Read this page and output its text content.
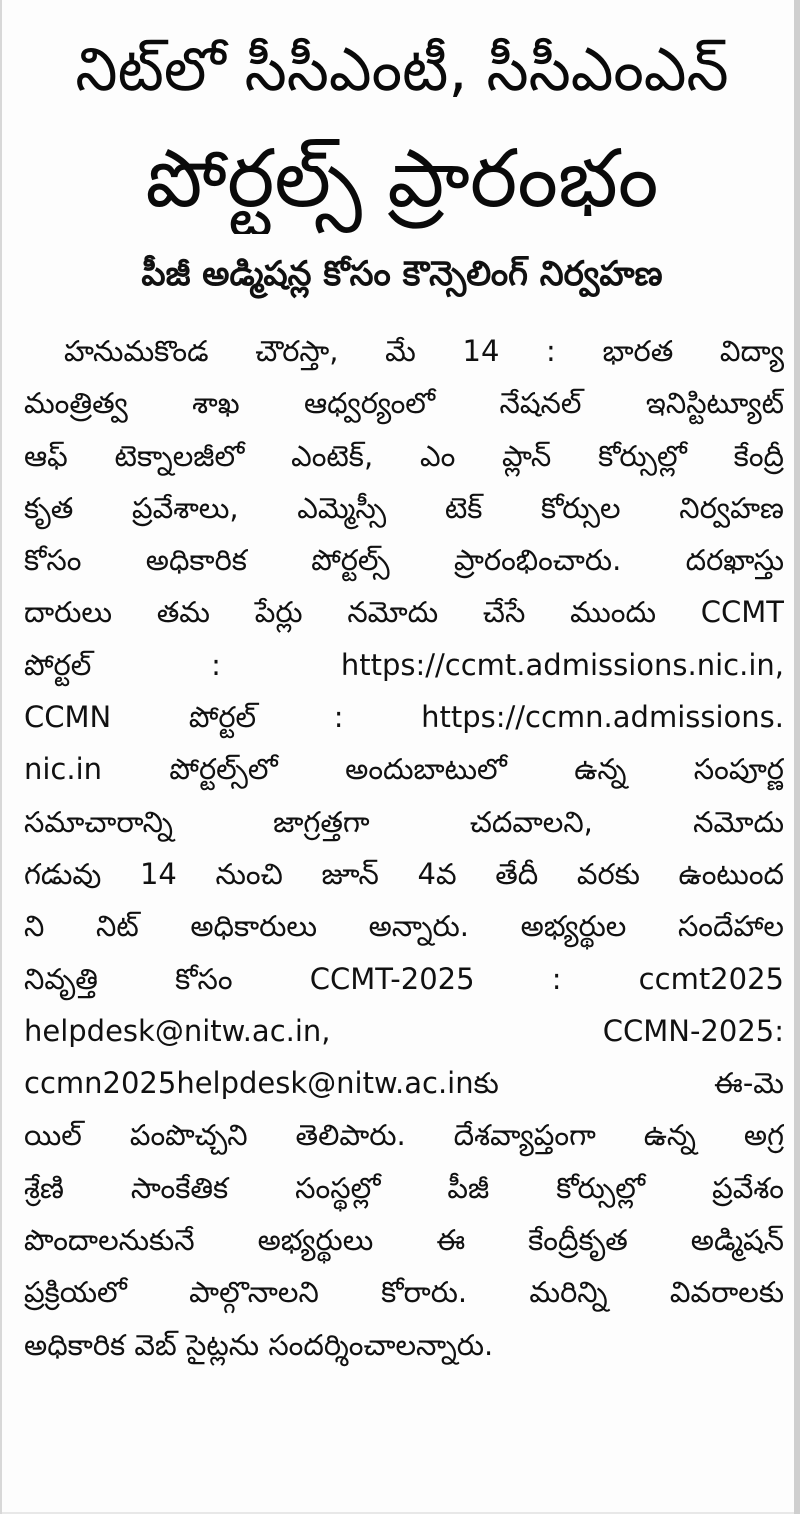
నిట్‌లో సీసీఎంటీ, సీసీఎంఎన్
పోర్టల్స్ ప్రారంభం
పీజీ అడ్మిషన్ల కోసం కౌన్సెలింగ్ నిర్వహణ
హనుమకొండ చౌరస్తా, మే 14 : భారత విద్యా
మంత్రిత్వ శాఖ ఆధ్వర్యంలో నేషనల్ ఇనిస్టిట్యూట్
ఆఫ్ టెక్నాలజీలో ఎంటెక్, ఎం ప్లాన్ కోర్సుల్లో కేంద్రీ
కృత ప్రవేశాలు, ఎమ్మెస్సీ టెక్ కోర్సుల నిర్వహణ
కోసం అధికారిక పోర్టల్స్ ప్రారంభించారు. దరఖాస్తు
దారులు తమ పేర్లు నమోదు చేసే ముందు CCMT
పోర్టల్ : https://ccmt.admissions.nic.in,
CCMN పోర్టల్ : https://ccmn.admissions.
nic.in పోర్టల్స్‌లో అందుబాటులో ఉన్న సంపూర్ణ
సమాచారాన్ని జాగ్రత్తగా చదవాలని, నమోదు
గడువు 14 నుంచి జూన్ 4వ తేదీ వరకు ఉంటుంద
ని నిట్ అధికారులు అన్నారు. అభ్యర్థుల సందేహాల
నివృత్తి కోసం CCMT-2025 : ccmt2025
helpdesk@nitw.ac.in, CCMN-2025:
ccmn2025helpdesk@nitw.ac.inకు ఈ-మె
యిల్ పంపొచ్చని తెలిపారు. దేశవ్యాప్తంగా ఉన్న అగ్ర
శ్రేణి సాంకేతిక సంస్థల్లో పీజీ కోర్సుల్లో ప్రవేశం
పొందాలనుకునే అభ్యర్థులు ఈ కేంద్రీకృత అడ్మిషన్
ప్రక్రియలో పాల్గొనాలని కోరారు. మరిన్ని వివరాలకు
అధికారిక వెబ్ సైట్లను సందర్శించాలన్నారు.
